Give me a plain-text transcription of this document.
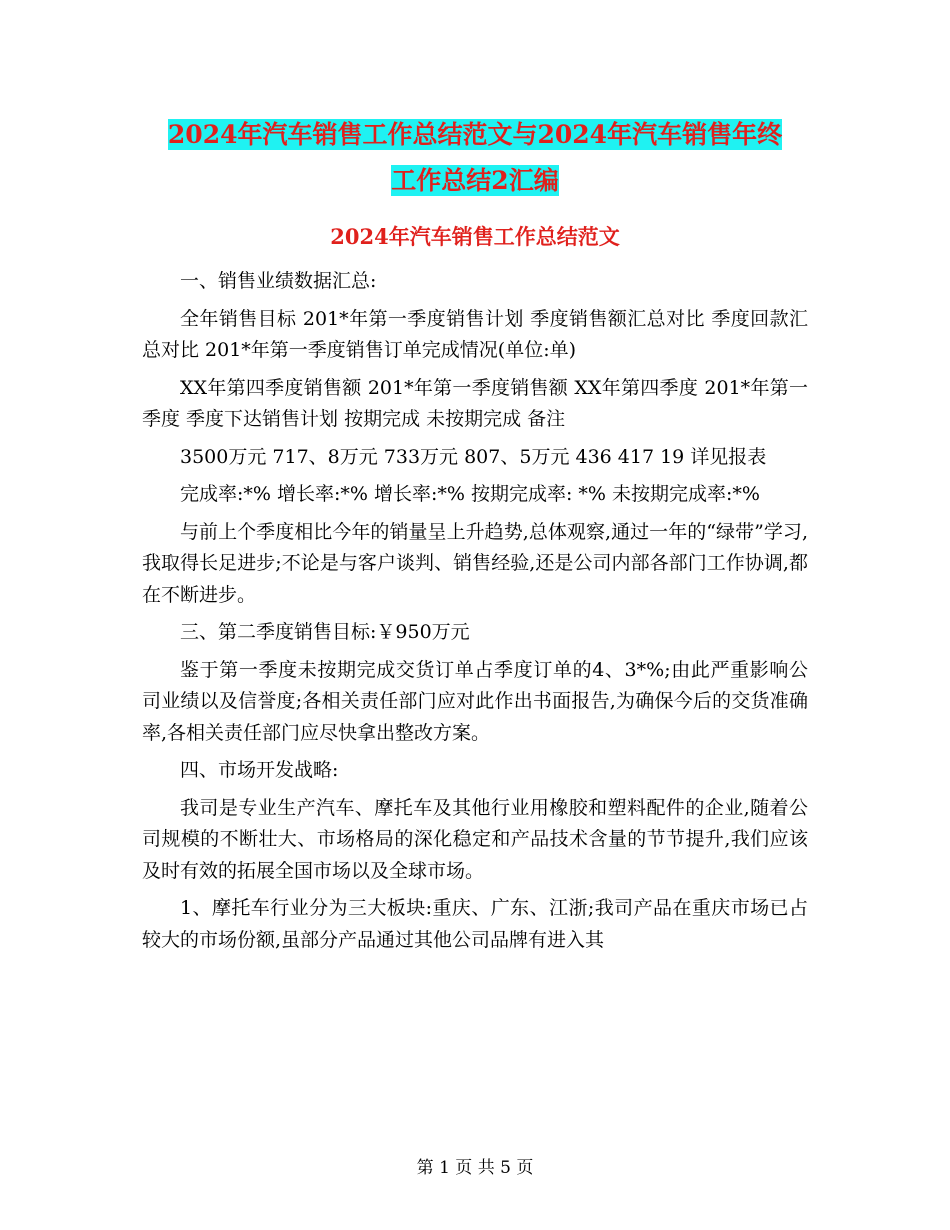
2024年汽车销售工作总结范文与2024年汽车销售年终
工作总结2汇编
2024年汽车销售工作总结范文

一、销售业绩数据汇总:

全年销售目标 201*年第一季度销售计划 季度销售额汇总对比 季度回款汇总对比 201*年第一季度销售订单完成情况(单位:单)

XX年第四季度销售额 201*年第一季度销售额 XX年第四季度 201*年第一季度 季度下达销售计划 按期完成 未按期完成 备注

3500万元 717、8万元 733万元 807、5万元 436 417 19 详见报表

完成率:*% 增长率:*% 增长率:*% 按期完成率: *% 未按期完成率:*%

与前上个季度相比今年的销量呈上升趋势,总体观察,通过一年的“绿带”学习,我取得长足进步;不论是与客户谈判、销售经验,还是公司内部各部门工作协调,都在不断进步。

三、第二季度销售目标:￥950万元

鉴于第一季度未按期完成交货订单占季度订单的4、3*%;由此严重影响公司业绩以及信誉度;各相关责任部门应对此作出书面报告,为确保今后的交货准确率,各相关责任部门应尽快拿出整改方案。

四、市场开发战略:

我司是专业生产汽车、摩托车及其他行业用橡胶和塑料配件的企业,随着公司规模的不断壮大、市场格局的深化稳定和产品技术含量的节节提升,我们应该及时有效的拓展全国市场以及全球市场。

1、摩托车行业分为三大板块:重庆、广东、江浙;我司产品在重庆市场已占较大的市场份额,虽部分产品通过其他公司品牌有进入其

第 1 页 共 5 页
